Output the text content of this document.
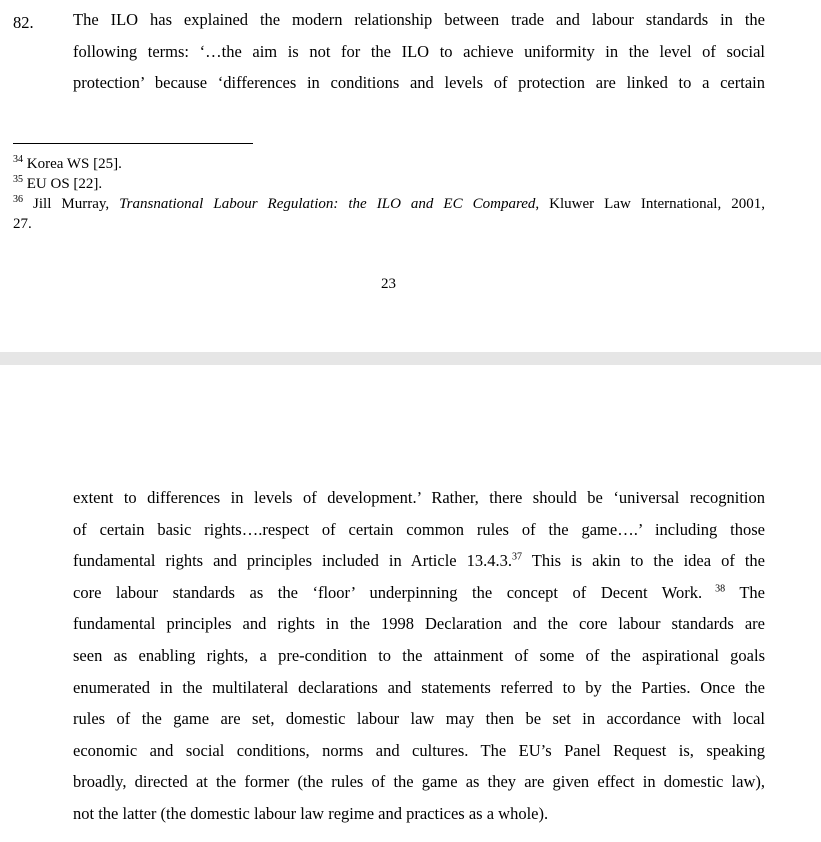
82. The ILO has explained the modern relationship between trade and labour standards in the
following terms: ‘…the aim is not for the ILO to achieve uniformity in the level of social
protection’ because ‘differences in conditions and levels of protection are linked to a certain
$^{34}$ Korea WS [25].
$^{35}$ EU OS [22].
$^{36}$ Jill Murray, Transnational Labour Regulation: the ILO and EC Compared, Kluwer Law International, 2001,
27.
23
extent to differences in levels of development.’ Rather, there should be ‘universal recognition
of certain basic rights….respect of certain common rules of the game….’ including those
fundamental rights and principles included in Article 13.4.3.37 This is akin to the idea of the
core labour standards as the ‘floor’ underpinning the concept of Decent Work. $^{38}$ The
fundamental principles and rights in the 1998 Declaration and the core labour standards are
seen as enabling rights, a pre-condition to the attainment of some of the aspirational goals
enumerated in the multilateral declarations and statements referred to by the Parties. Once the
rules of the game are set, domestic labour law may then be set in accordance with local
economic and social conditions, norms and cultures. The EU’s Panel Request is, speaking
broadly, directed at the former (the rules of the game as they are given effect in domestic law),
not the latter (the domestic labour law regime and practices as a whole).
